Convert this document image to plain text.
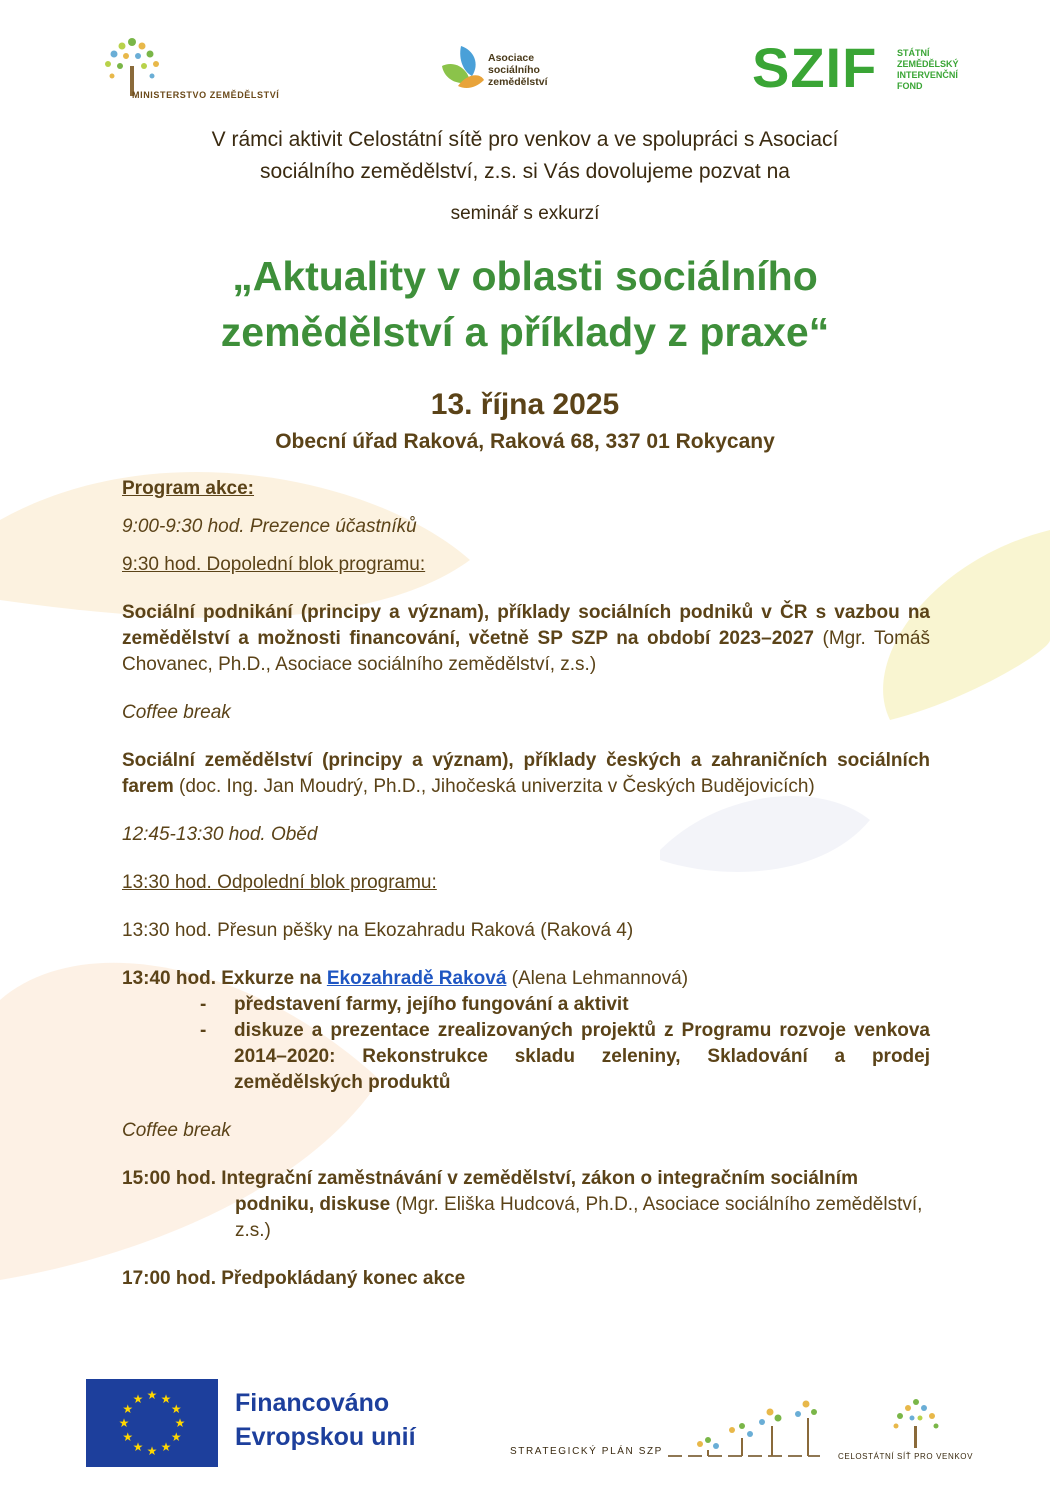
MINISTERSTVO ZEMĚDĚLSTVÍ
Asociace
sociálního
zemědělství	SZIF STÁTNÍ
ZEMĚDĚLSKÝ
INTERVENČNÍ
FOND
V rámci aktivit Celostátní sítě pro venkov a ve spolupráci s Asociací
sociálního zemědělství, z.s. si Vás dovolujeme pozvat na
seminář s exkurzí
„Aktuality v oblasti sociálního
zemědělství a příklady z praxe“
13. října 2025
Obecní úřad Raková, Raková 68, 337 01 Rokycany

Program akce:

9:00-9:30 hod. Prezence účastníků

9:30 hod. Dopolední blok programu:

Sociální podnikání (principy a význam), příklady sociálních podniků v ČR s vazbou na zemědělství a možnosti financování, včetně SP SZP na období 2023–2027 (Mgr. Tomáš Chovanec, Ph.D., Asociace sociálního zemědělství, z.s.)

Coffee break

Sociální zemědělství (principy a význam), příklady českých a zahraničních sociálních farem (doc. Ing. Jan Moudrý, Ph.D., Jihočeská univerzita v Českých Budějovicích)

12:45-13:30 hod. Oběd

13:30 hod. Odpolední blok programu:

13:30 hod. Přesun pěšky na Ekozahradu Raková (Raková 4)

13:40 hod. Exkurze na Ekozahradě Raková (Alena Lehmannová)

- představení farmy, jejího fungování a aktivit
- diskuze a prezentace zrealizovaných projektů z Programu rozvoje venkova 2014–2020: Rekonstrukce skladu zeleniny, Skladování a prodej zemědělských produktů

Coffee break

15:00 hod. Integrační zaměstnávání v zemědělství, zákon o integračním sociálním podniku, diskuse (Mgr. Eliška Hudcová, Ph.D., Asociace sociálního zemědělství, z.s.)

17:00 hod. Předpokládaný konec akce

★ ★
★
★
★
★
★
★
★
★
★
★	Financováno
Evropskou unií
STRATEGICKÝ PLÁN SZP	CELOSTÁTNÍ SÍŤ PRO VENKOV
